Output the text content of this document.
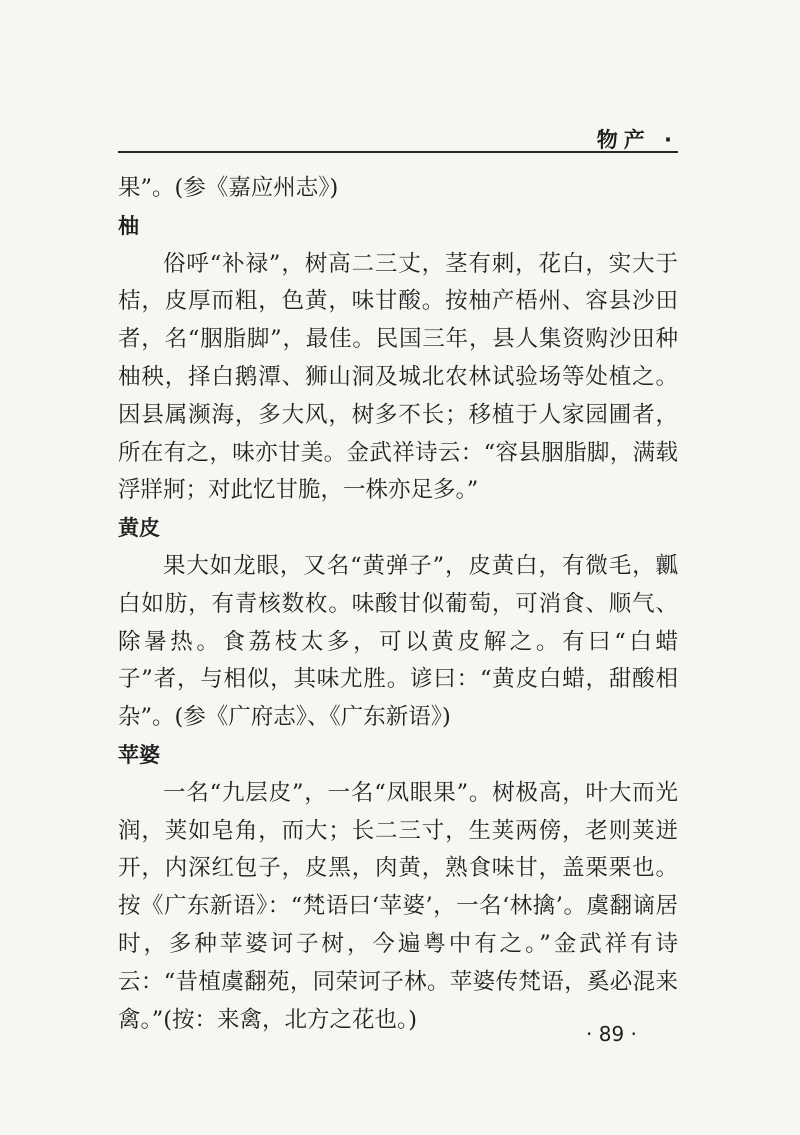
物产 ·

果”。(参《嘉应州志》)

柚

俗呼“补禄”，树高二三丈，茎有刺，花白，实大于桔，皮厚而粗，色黄，味甘酸。按柚产梧州、容县沙田者，名“胭脂脚”，最佳。民国三年，县人集资购沙田种柚秧，择白鹅潭、狮山洞及城北农林试验场等处植之。因县属濒海，多大风，树多不长；移植于人家园圃者，所在有之，味亦甘美。金武祥诗云：“容县胭脂脚，满载浮牂牁；对此忆甘脆，一株亦足多。”

黄皮

果大如龙眼，又名“黄弹子”，皮黄白，有微毛，瓤白如肪，有青核数枚。味酸甘似葡萄，可消食、顺气、除暑热。食荔枝太多，可以黄皮解之。有曰“白蜡子”者，与相似，其味尤胜。谚曰：“黄皮白蜡，甜酸相杂”。(参《广府志》、《广东新语》)

苹婆

一名“九层皮”，一名“凤眼果”。树极高，叶大而光润，荚如皂角，而大；长二三寸，生荚两傍，老则荚迸开，内深红包子，皮黑，肉黄，熟食味甘，盖栗栗也。按《广东新语》：“梵语曰‘苹婆’，一名‘林擒’。虞翻谪居时，多种苹婆诃子树，今遍粤中有之。”金武祥有诗云：“昔植虞翻苑，同荣诃子林。苹婆传梵语，奚必混来禽。”(按：来禽，北方之花也。)

· 89 ·
